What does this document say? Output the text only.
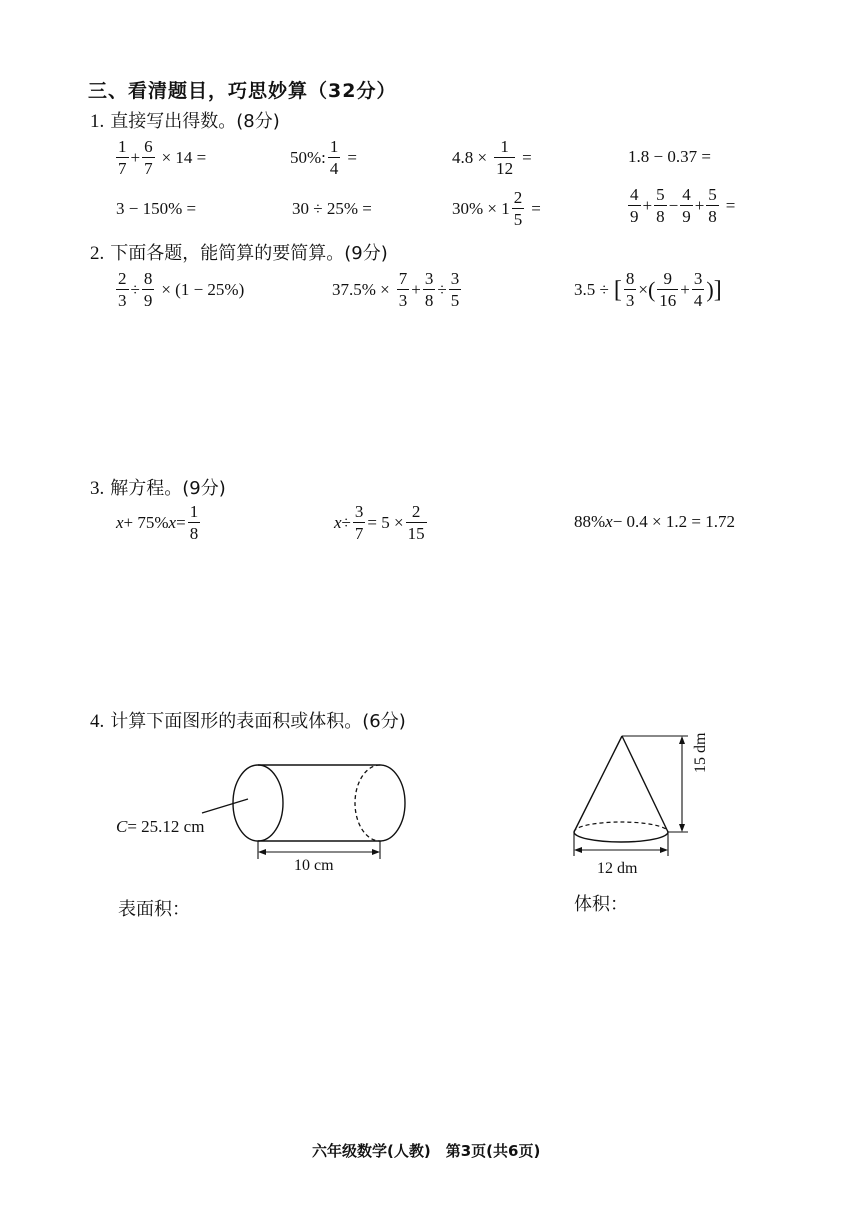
三、看清题目，巧思妙算（32分）
1. 直接写出得数。(8分)
$\frac{1}{7} + \frac{6}{7} \times 14$ =	50%: $\frac{1}{4}$ =	$4.8 \times \frac{1}{12}$ =	1.8 − 0.37 =
3 − 150% =	30 ÷ 25% =	$30\% \times 1 \frac{2}{5}$ =	$\frac{4}{9} + \frac{5}{8} - \frac{4}{9} + \frac{5}{8}$ =
2. 下面各题，能简算的要简算。(9分)
$\frac{2}{3} \div \frac{8}{9} \times (1 - 25\%)$	$37.5\% \times \frac{7}{3} + \frac{3}{8} \div \frac{3}{5}$	3.5 ÷ [ $\frac{8}{3}$ × ( $\frac{9}{16} + \frac{3}{4}$ ) ]
3. 解方程。(9分)
x + 75% $x = \frac{1}{8}$	$x \div \frac{3}{7} = 5 \times \frac{2}{15}$	88% x − 0.4 × 1.2 = 1.72
4. 计算下面图形的表面积或体积。(6分)
C = 25.12 cm
10 cm
15 dm
12 dm
表面积：	体积：
六年级数学(人教)　第3页(共6页)
